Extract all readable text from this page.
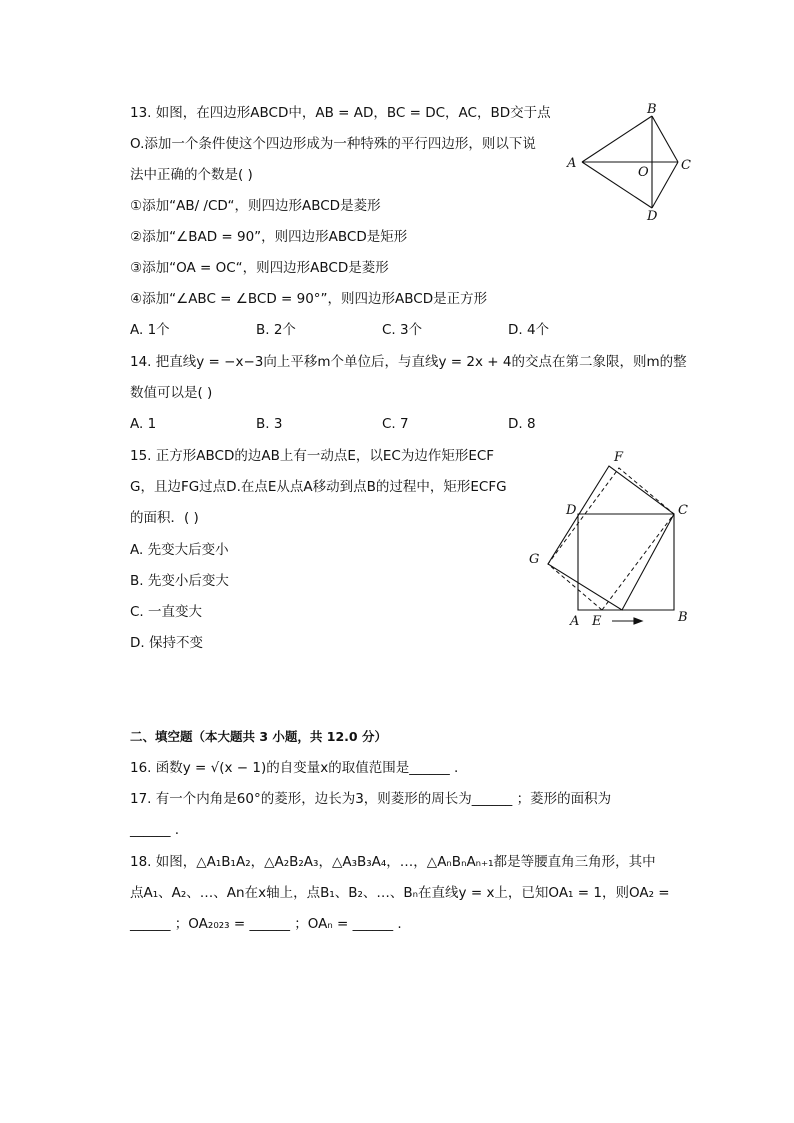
13. 如图，在四边形ABCD中，AB = AD，BC = DC，AC，BD交于点
O.添加一个条件使这个四边形成为一种特殊的平行四边形，则以下说
法中正确的个数是( )
①添加“AB/ /CD“，则四边形ABCD是菱形
②添加“∠BAD = 90”，则四边形ABCD是矩形
③添加“OA = OC“，则四边形ABCD是菱形
④添加“∠ABC = ∠BCD = 90°”，则四边形ABCD是正方形
A. 1个	B. 2个	C. 3个	D. 4个
A
B
C
D
O
14. 把直线y = −x−3向上平移m个单位后，与直线y = 2x + 4的交点在第二象限，则m的整
数值可以是( )
A. 1	B. 3	C. 7	D. 8
15. 正方形ABCD的边AB上有一动点E，以EC为边作矩形ECF
G，且边FG过点D.在点E从点A移动到点B的过程中，矩形ECFG
的面积．( )
A. 先变大后变小
B. 先变小后变大
C. 一直变大
D. 保持不变
A	B
C
D
E
F
G
二、填空题（本大题共 3 小题，共 12.0 分）
16. 函数y = √(x − 1)的自变量x的取值范围是______ .
17. 有一个内角是60°的菱形，边长为3，则菱形的周长为______ ；菱形的面积为
______ .
18. 如图，△A₁B₁A₂，△A₂B₂A₃，△A₃B₃A₄，…，△AₙBₙAₙ₊₁都是等腰直角三角形，其中
点A₁、A₂、…、An在x轴上，点B₁、B₂、…、Bₙ在直线y = x上，已知OA₁ = 1，则OA₂ =
______ ；OA₂₀₂₃ = ______ ；OAₙ = ______ .
